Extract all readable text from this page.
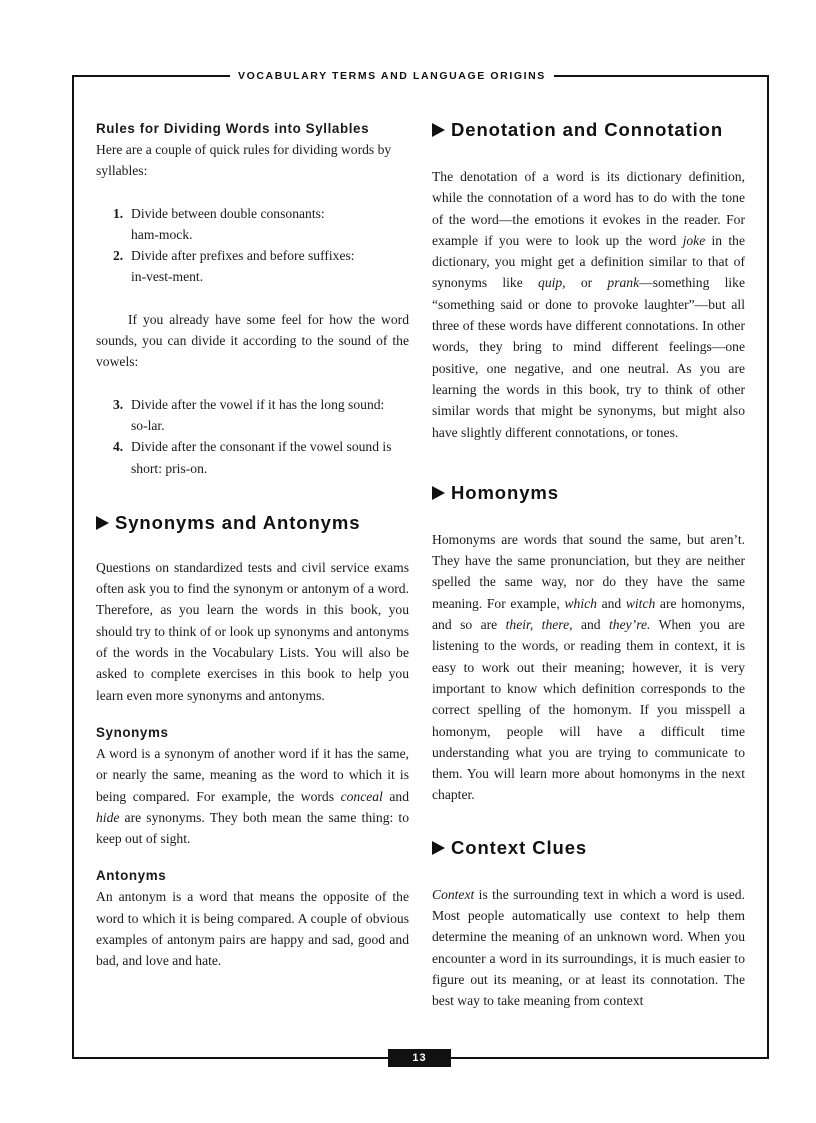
VOCABULARY TERMS AND LANGUAGE ORIGINS
13
Rules for Dividing Words into Syllables

Here are a couple of quick rules for dividing words by syllables:

1. Divide between double consonants:
ham-mock.
2. Divide after prefixes and before suffixes:
in-vest-ment.

If you already have some feel for how the word sounds, you can divide it according to the sound of the vowels:

3. Divide after the vowel if it has the long sound:
so-lar.
4. Divide after the consonant if the vowel sound is short: pris-on.
Synonyms and Antonyms

Questions on standardized tests and civil service exams often ask you to find the synonym or antonym of a word. Therefore, as you learn the words in this book, you should try to think of or look up synonyms and antonyms of the words in the Vocabulary Lists. You will also be asked to complete exercises in this book to help you learn even more synonyms and antonyms.

Synonyms

A word is a synonym of another word if it has the same, or nearly the same, meaning as the word to which it is being compared. For example, the words conceal and hide are synonyms. They both mean the same thing: to keep out of sight.

Antonyms

An antonym is a word that means the opposite of the word to which it is being compared. A couple of obvious examples of antonym pairs are happy and sad, good and bad, and love and hate.

Denotation and Connotation

The denotation of a word is its dictionary definition, while the connotation of a word has to do with the tone of the word—the emotions it evokes in the reader. For example if you were to look up the word joke in the dictionary, you might get a definition similar to that of synonyms like quip, or prank—something like “something said or done to provoke laughter”—but all three of these words have different connotations. In other words, they bring to mind different feelings—one positive, one negative, and one neutral. As you are learning the words in this book, try to think of other similar words that might be synonyms, but might also have slightly different connotations, or tones.

Homonyms

Homonyms are words that sound the same, but aren’t. They have the same pronunciation, but they are neither spelled the same way, nor do they have the same meaning. For example, which and witch are homonyms, and so are their, there, and they’re. When you are listening to the words, or reading them in context, it is easy to work out their meaning; however, it is very important to know which definition corresponds to the correct spelling of the homonym. If you misspell a homonym, people will have a difficult time understanding what you are trying to communicate to them. You will learn more about homonyms in the next chapter.

Context Clues

Context is the surrounding text in which a word is used. Most people automatically use context to help them determine the meaning of an unknown word. When you encounter a word in its surroundings, it is much easier to figure out its meaning, or at least its connotation. The best way to take meaning from context
